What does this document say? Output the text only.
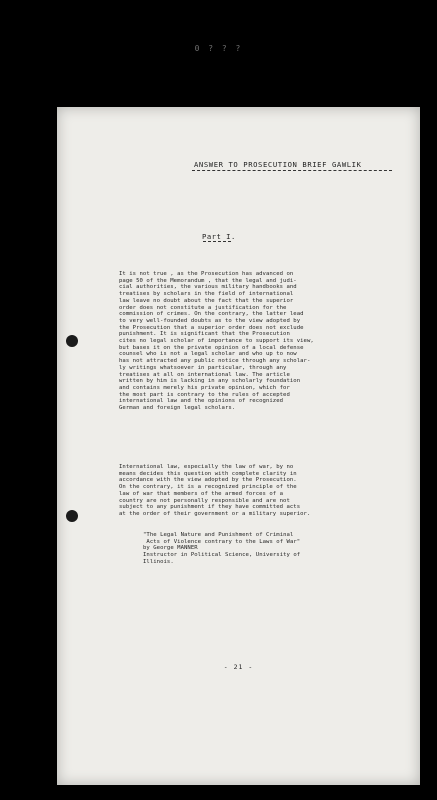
0 ? ? ?
ANSWER TO PROSECUTION BRIEF GAWLIK
Part I.

It is not true , as the Prosecution has advanced on
page 50 of the Memorandum , that the legal and judi-
cial authorities, the various military handbooks and
treatises by scholars in the field of international
law leave no doubt about the fact that the superior
order does not constitute a justification for the
commission of crimes. On the contrary, the latter lead
to very well-founded doubts as to the view adopted by
the Prosecution that a superior order does not exclude
punishment. It is significant that the Prosecution
cites no legal scholar of importance to support its view,
but bases it on the private opinion of a local defense
counsel who is not a legal scholar and who up to now
has not attracted any public notice through any scholar-
ly writings whatsoever in particular, through any
treatises at all on international law. The article
written by him is lacking in any scholarly foundation
and contains merely his private opinion, which for
the most part is contrary to the rules of accepted
international law and the opinions of recognized
German and foreign legal scholars.

International law, especially the law of war, by no
means decides this question with complete clarity in
accordance with the view adopted by the Prosecution.
On the contrary, it is a recognized principle of the
law of war that members of the armed forces of a
country are not personally responsible and are not
subject to any punishment if they have committed acts
at the order of their government or a military superior.

"The Legal Nature and Punishment of Criminal
Acts of Violence contrary to the Laws of War"
by George MANNER
Instructor in Political Science, University of
Illinois.

- 21 -
